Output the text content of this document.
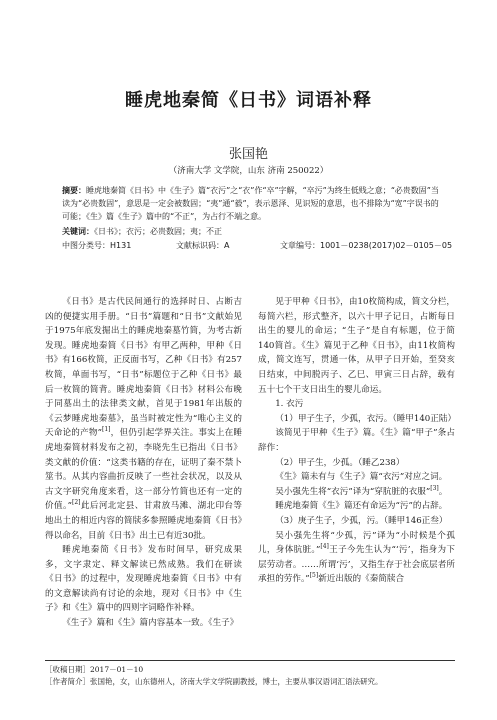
睡虎地秦简《日书》词语补释
张国艳
（济南大学 文学院，山东 济南 250022）
摘要：睡虎地秦简《日书》中《生子》篇“衣污”之“衣”作“卒”字解，“卒污”为终生低贱之意；“必贵数固”当读为“必贵数固”，意思是一定会被数固；“夷”通“毅”，表示恩泽、见识短的意思，也不排除为“宽”字误书的可能；《生》篇《生子》篇中的“不正”，为占行不端之意。
关键词：《日书》；衣污；必贵数固；夷；不正
中图分类号：H131	文献标识码：A	文章编号：1001－0238(2017)02－0105－05

《日书》是古代民间通行的选择时日、占断吉凶的便捷实用手册。“日书”篇题和“日书”文献始见于1975年底发掘出土的睡虎地秦墓竹简，为考古新发现。睡虎地秦简《日书》有甲乙两种，甲种《日书》有166枚简，正反面书写，乙种《日书》有257枚简，单面书写，“日书”标题位于乙种《日书》最后一枚简的简背。睡虎地秦简《日书》材料公布晚于同墓出土的法律类文献，首见于1981年出版的《云梦睡虎地秦墓》，虽当时被定性为“唯心主义的天命论的产物”[1]，但仍引起学界关注。事实上在睡虎地秦简材料发布之初，李晓先生已指出《日书》类文献的价值：“这类书籍的存在，证明了秦不禁卜筮书。从其内容曲折反映了一些社会状况，以及从古文字研究角度来看，这一部分竹简也还有一定的价值。”[2]此后河北定县、甘肃放马滩、湖北印台等地出土的相近内容的简牍多参照睡虎地秦简《日书》得以命名，目前《日书》出土已有近30批。

睡虎地秦简《日书》发布时间早，研究成果多，文字隶定、释文解读已然成熟。我们在研读《日书》的过程中，发现睡虎地秦简《日书》中有的文意解读尚有讨论的余地，现对《日书》中《生子》和《生》篇中的四则字词略作补释。

《生子》篇和《生》篇内容基本一致。《生子》

见于甲种《日书》，由10枚简构成，简文分栏，每简六栏，形式整齐，以六十甲子记日，占断每日出生的婴儿的命运；“生子”是自有标题，位于简140简首。《生》篇见于乙种《日书》，由11枚简构成，简文连写，贯通一体，从甲子日开始，至癸亥日结束，中间脱丙子、乙巳、甲寅三日占辞，载有五十七个干支日出生的婴儿命运。

1. 衣污

（1）甲子生子，少孤，衣污。（睡甲140正陆）

该简见于甲种《生子》篇。《生》篇“甲子”条占辞作：

（2）甲子生，少孤。（睡乙238）

《生》篇未有与《生子》篇“衣污”对应之词。

吴小强先生将“衣污”译为“穿肮脏的衣服”[3]。

睡虎地秦简《生》篇还有命运为“污”的占辞。

（3）庚子生子，少孤，污。（睡甲146正叁）

吴小强先生将“少孤，污”译为“小时候是个孤儿，身体肮脏。”[4]王子今先生认为“‘污’，指身为下层劳动者。……所谓‘污’，又指生存于社会底层者所承担的劳作。”[5]新近出版的《秦简牍合

［收稿日期］2017－01－10
［作者简介］张国艳，女，山东德州人，济南大学文学院副教授，博士，主要从事汉语词汇语法研究。
